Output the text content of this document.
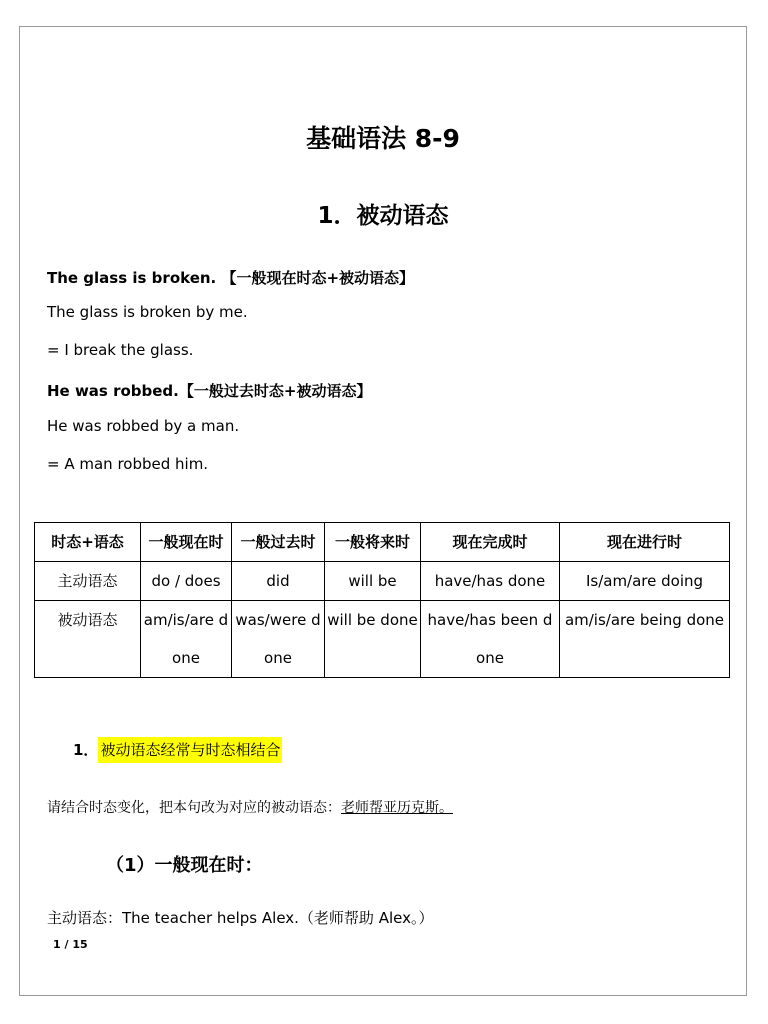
基础语法 8-9
1．被动语态
The glass is broken. 【一般现在时态+被动语态】
The glass is broken by me.
= I break the glass.
He was robbed.【一般过去时态+被动语态】
He was robbed by a man.
= A man robbed him.
时态+语态	一般现在时	一般过去时	一般将来时	现在完成时	现在进行时
主动语态	do / does	did	will be	have/has done	Is/am/are doing
被动语态	am/is/are done	was/were done	will be done	have/has been done	am/is/are being done
1． 被动语态经常与时态相结合
请结合时态变化，把本句改为对应的被动语态：老师帮亚历克斯。
（1）一般现在时：
主动语态：The teacher helps Alex.（老师帮助 Alex。）
1 / 15
